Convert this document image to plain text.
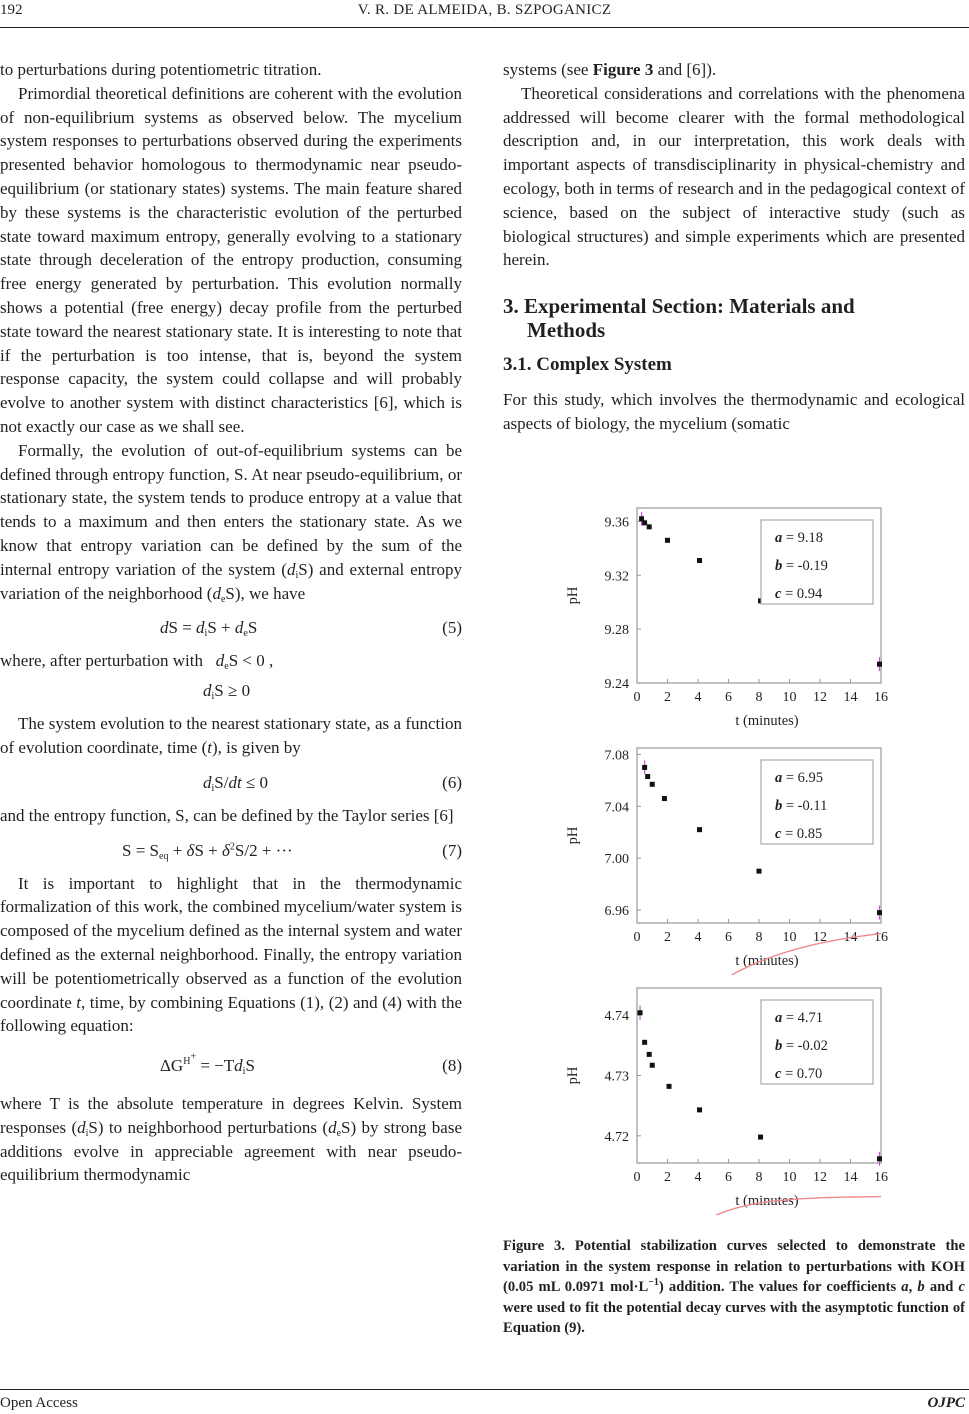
192	V. R. DE ALMEIDA, B. SZPOGANICZ

to perturbations during potentiometric titration.

Primordial theoretical definitions are coherent with the evolution of non-equilibrium systems as observed below. The mycelium system responses to perturbations observed during the experiments presented behavior homologous to thermodynamic near pseudo-equilibrium (or stationary states) systems. The main feature shared by these systems is the characteristic evolution of the perturbed state toward maximum entropy, generally evolving to a stationary state through deceleration of the entropy production, consuming free energy generated by perturbation. This evolution normally shows a potential (free energy) decay profile from the perturbed state toward the nearest stationary state. It is interesting to note that if the perturbation is too intense, that is, beyond the system response capacity, the system could collapse and will probably evolve to another system with distinct characteristics [6], which is not exactly our case as we shall see.

Formally, the evolution of out-of-equilibrium systems can be defined through entropy function, S. At near pseudo-equilibrium, or stationary state, the system tends to produce entropy at a value that tends to a maximum and then enters the stationary state. As we know that entropy variation can be defined by the sum of the internal entropy variation of the system $(d_iS)$ and external entropy variation of the neighborhood $(d_eS)$, we have

dS = $d_iS + d_eS$	(5)

where, after perturbation with $d_eS < 0$ ,

$d_iS \ge 0$

The system evolution to the nearest stationary state, as a function of evolution coordinate, time (t), is given by

$d_iS/dt \le 0$	(6)

and the entropy function, S, can be defined by the Taylor series [6]

$S = S_{eq} + \delta S + \delta^2S/2$ + ···	(7)

It is important to highlight that in the thermodynamic formalization of this work, the combined mycelium/water system is composed of the mycelium defined as the internal system and water defined as the external neighborhood. Finally, the entropy variation will be potentiometrically observed as a function of the evolution coordinate t, time, by combining Equations (1), (2) and (4) with the following equation:

$\Delta G^{H^+} = -Td_iS$	(8)

where T is the absolute temperature in degrees Kelvin. System responses $(d_iS)$ to neighborhood perturbations $(d_eS)$ by strong base additions evolve in appreciable agreement with near pseudo-equilibrium thermodynamic

systems (see Figure 3 and [6]).

Theoretical considerations and correlations with the phenomena addressed will become clearer with the formal methodological description and, in our interpretation, this work deals with important aspects of transdisciplinarity in physical-chemistry and ecology, both in terms of research and in the pedagogical context of science, based on the subject of interactive study (such as biological structures) and simple experiments which are presented herein.

3. Experimental Section: Materials and
Methods
3.1. Complex System

For this study, which involves the thermodynamic and ecological aspects of biology, the mycelium (somatic

0 2 4 6 8 10 12 14 16
9.24
9.28
9.32
9.36
t (minutes)
pH
a = 9.18
b = -0.19
c = 0.94
0 2 4 6 8 10 12 14 16
6.96
7.00
7.04
7.08
t (minutes)
pH
a = 6.95
b = -0.11
c = 0.85
0 2 4 6 8 10 12 14 16
4.72
4.73
4.74
t (minutes)
pH
a = 4.71
b = -0.02
c = 0.70
Figure 3. Potential stabilization curves selected to demonstrate the variation in the system response in relation to perturbations with KOH (0.05 mL 0.0971 $mol\cdot L^{-1}$) addition. The values for coefficients a, b and c were used to fit the potential decay curves with the asymptotic function of Equation (9).
Open Access	OJPC
